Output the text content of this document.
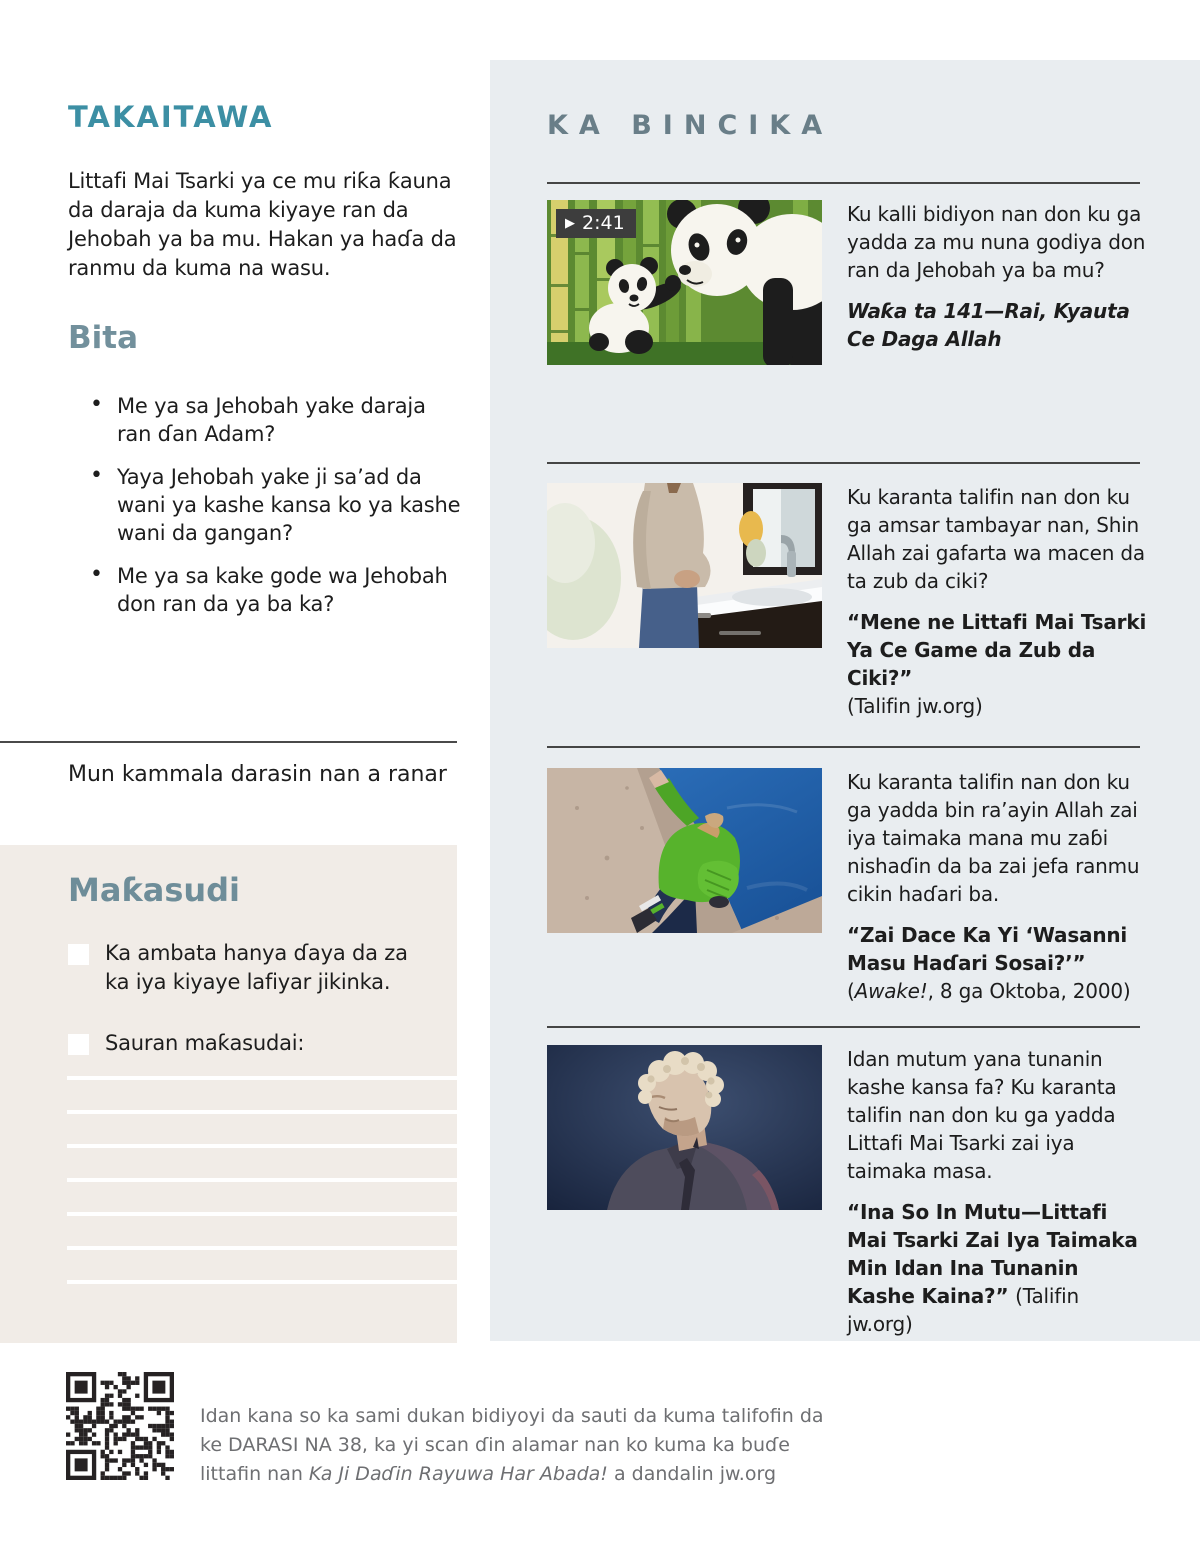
TAKAITAWA
Littafi Mai Tsarki ya ce mu riƙa ƙauna da daraja da kuma kiyaye ran da Jehobah ya ba mu. Hakan ya haɗa da ranmu da kuma na wasu.
Bita
• Me ya sa Jehobah yake daraja ran ɗan Adam?
• Yaya Jehobah yake ji sa’ad da wani ya kashe kansa ko ya kashe wani da gangan?
• Me ya sa kake gode wa Jehobah don ran da ya ba ka?
Mun kammala darasin nan a ranar
Maƙasudi
Ka ambata hanya ɗaya da za ka iya kiyaye lafiyar jikinka.
Sauran maƙasudai:
Idan kana so ka sami dukan bidiyoyi da sauti da kuma talifofin da ke DARASI NA 38, ka yi scan ɗin alamar nan ko kuma ka buɗe littafin nan Ka Ji Daɗin Rayuwa Har Abada! a dandalin jw.org
KA BINCIKA
▶ 2:41	Ku kalli bidiyon nan don ku ga yadda za mu nuna godiya don ran da Jehobah ya ba mu?

Waƙa ta 141—Rai, Kyauta Ce Daga Allah

Ku karanta talifin nan don ku ga amsar tambayar nan, Shin Allah zai gafarta wa macen da ta zub da ciki?

“Mene ne Littafi Mai Tsarki Ya Ce Game da Zub da Ciki?”
(Talifin jw.org)

Ku karanta talifin nan don ku ga yadda bin ra’ayin Allah zai iya taimaka mana mu zaɓi nishaɗin da ba zai jefa ranmu cikin haɗari ba.

“Zai Dace Ka Yi ‘Wasanni Masu Haɗari Sosai?’”
(Awake!, 8 ga Oktoba, 2000)

Idan mutum yana tunanin kashe kansa fa? Ku karanta talifin nan don ku ga yadda Littafi Mai Tsarki zai iya taimaka masa.

“Ina So In Mutu—Littafi Mai Tsarki Zai Iya Taimaka Min Idan Ina Tunanin Kashe Kaina?” (Talifin jw.org)
